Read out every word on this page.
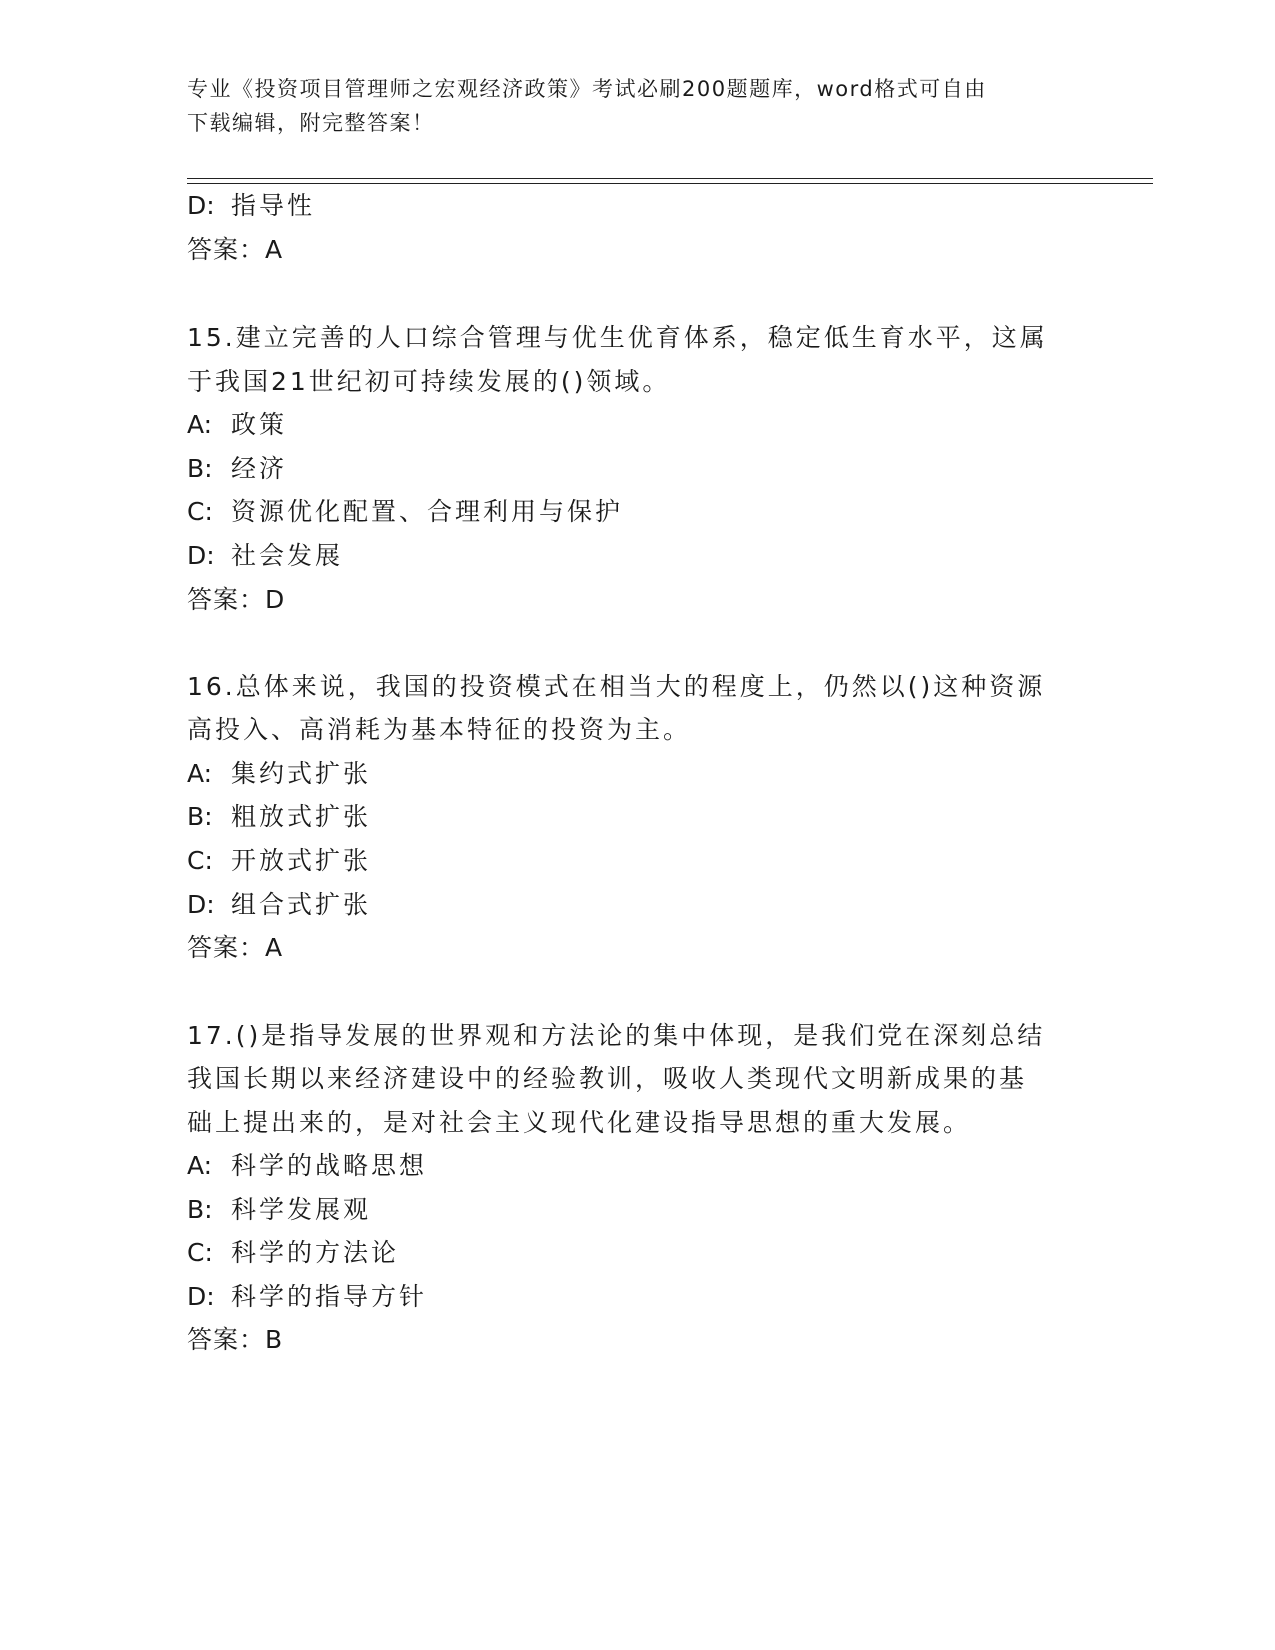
专业《投资项目管理师之宏观经济政策》考试必刷200题题库，word格式可自由
下载编辑，附完整答案！
D: 指导性
答案：A
15.建立完善的人口综合管理与优生优育体系，稳定低生育水平，这属
于我国21世纪初可持续发展的()领域。
A: 政策
B: 经济
C: 资源优化配置、合理利用与保护
D: 社会发展
答案：D
16.总体来说，我国的投资模式在相当大的程度上，仍然以()这种资源
高投入、高消耗为基本特征的投资为主。
A: 集约式扩张
B: 粗放式扩张
C: 开放式扩张
D: 组合式扩张
答案：A
17.()是指导发展的世界观和方法论的集中体现，是我们党在深刻总结
我国长期以来经济建设中的经验教训，吸收人类现代文明新成果的基
础上提出来的，是对社会主义现代化建设指导思想的重大发展。
A: 科学的战略思想
B: 科学发展观
C: 科学的方法论
D: 科学的指导方针
答案：B
